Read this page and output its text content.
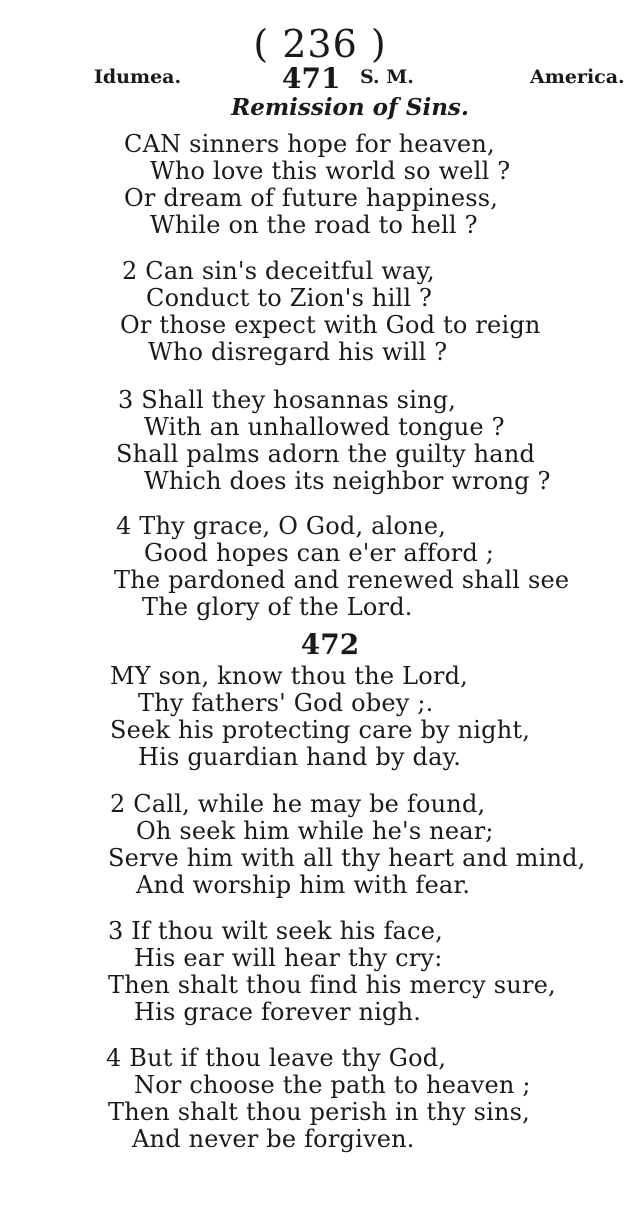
( 236 )
Idumea.	471 S. M.	America.
Remission of Sins.
CAN sinners hope for heaven,
Who love this world so well ?
Or dream of future happiness,
While on the road to hell ?
2 Can sin's deceitful way,
Conduct to Zion's hill ?
Or those expect with God to reign
Who disregard his will ?
3 Shall they hosannas sing,
With an unhallowed tongue ?
Shall palms adorn the guilty hand
Which does its neighbor wrong ?
4 Thy grace, O God, alone,
Good hopes can e'er afford ;
The pardoned and renewed shall see
The glory of the Lord.
472
MY son, know thou the Lord,
Thy fathers' God obey ;.
Seek his protecting care by night,
His guardian hand by day.
2 Call, while he may be found,
Oh seek him while he's near;
Serve him with all thy heart and mind,
And worship him with fear.
3 If thou wilt seek his face,
His ear will hear thy cry:
Then shalt thou find his mercy sure,
His grace forever nigh.
4 But if thou leave thy God,
Nor choose the path to heaven ;
Then shalt thou perish in thy sins,
And never be forgiven.
